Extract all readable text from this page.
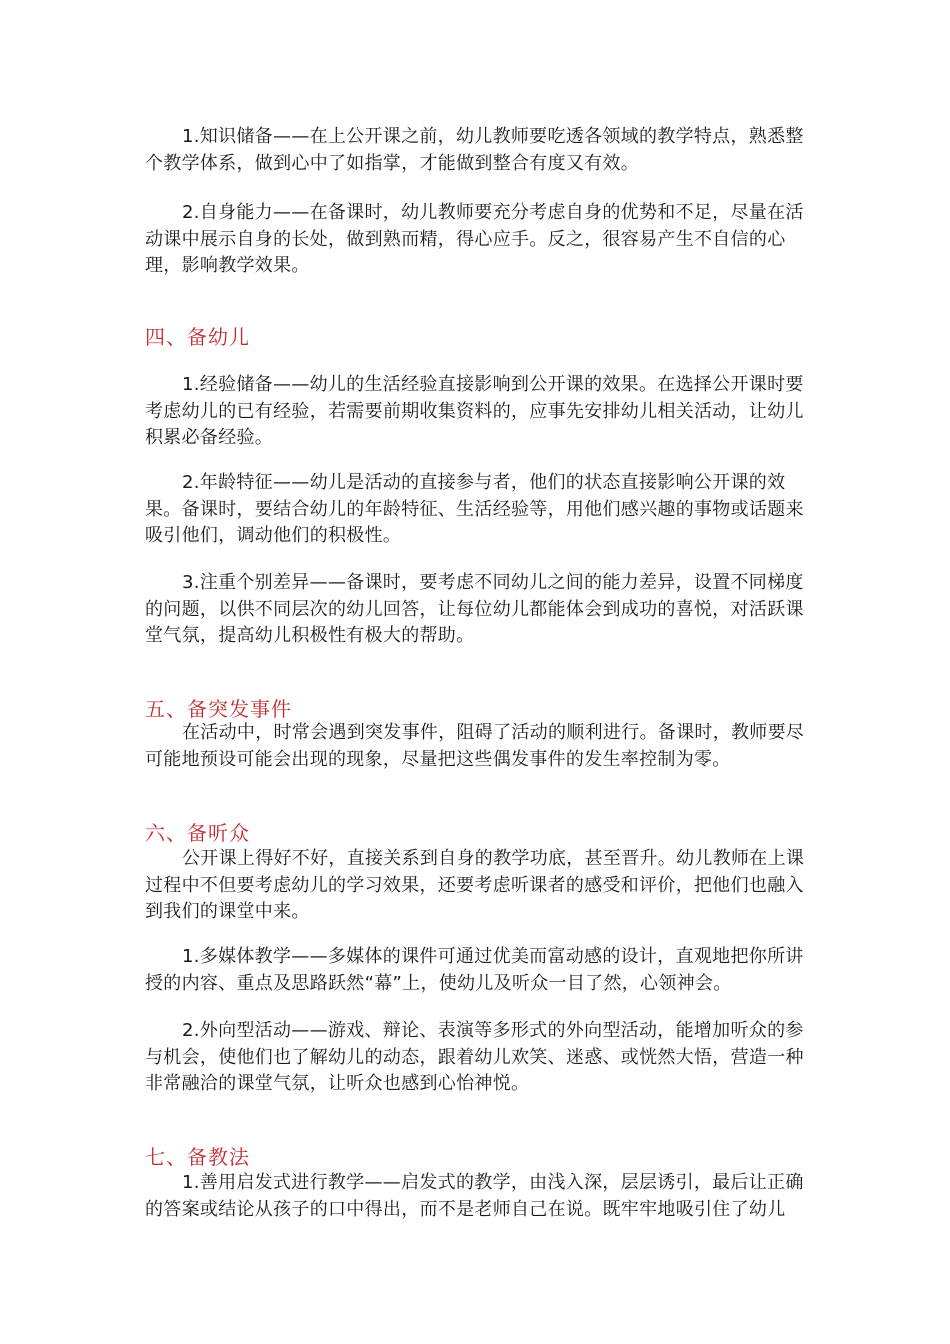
1.知识储备——在上公开课之前，幼儿教师要吃透各领域的教学特点，熟悉整个教学体系，做到心中了如指掌，才能做到整合有度又有效。

2.自身能力——在备课时，幼儿教师要充分考虑自身的优势和不足，尽量在活动课中展示自身的长处，做到熟而精，得心应手。反之，很容易产生不自信的心理，影响教学效果。

四、备幼儿

1.经验储备——幼儿的生活经验直接影响到公开课的效果。在选择公开课时要考虑幼儿的已有经验，若需要前期收集资料的，应事先安排幼儿相关活动，让幼儿积累必备经验。

2.年龄特征——幼儿是活动的直接参与者，他们的状态直接影响公开课的效果。备课时，要结合幼儿的年龄特征、生活经验等，用他们感兴趣的事物或话题来吸引他们，调动他们的积极性。

3.注重个别差异——备课时，要考虑不同幼儿之间的能力差异，设置不同梯度的问题，以供不同层次的幼儿回答，让每位幼儿都能体会到成功的喜悦，对活跃课堂气氛，提高幼儿积极性有极大的帮助。

五、备突发事件

在活动中，时常会遇到突发事件，阻碍了活动的顺利进行。备课时，教师要尽可能地预设可能会出现的现象，尽量把这些偶发事件的发生率控制为零。

六、备听众

公开课上得好不好，直接关系到自身的教学功底，甚至晋升。幼儿教师在上课过程中不但要考虑幼儿的学习效果，还要考虑听课者的感受和评价，把他们也融入到我们的课堂中来。

1.多媒体教学——多媒体的课件可通过优美而富动感的设计，直观地把你所讲授的内容、重点及思路跃然“幕”上，使幼儿及听众一目了然，心领神会。

2.外向型活动——游戏、辩论、表演等多形式的外向型活动，能增加听众的参与机会，使他们也了解幼儿的动态，跟着幼儿欢笑、迷惑、或恍然大悟，营造一种非常融洽的课堂气氛，让听众也感到心怡神悦。

七、备教法

1.善用启发式进行教学——启发式的教学，由浅入深，层层诱引，最后让正确的答案或结论从孩子的口中得出，而不是老师自己在说。既牢牢地吸引住了幼儿
